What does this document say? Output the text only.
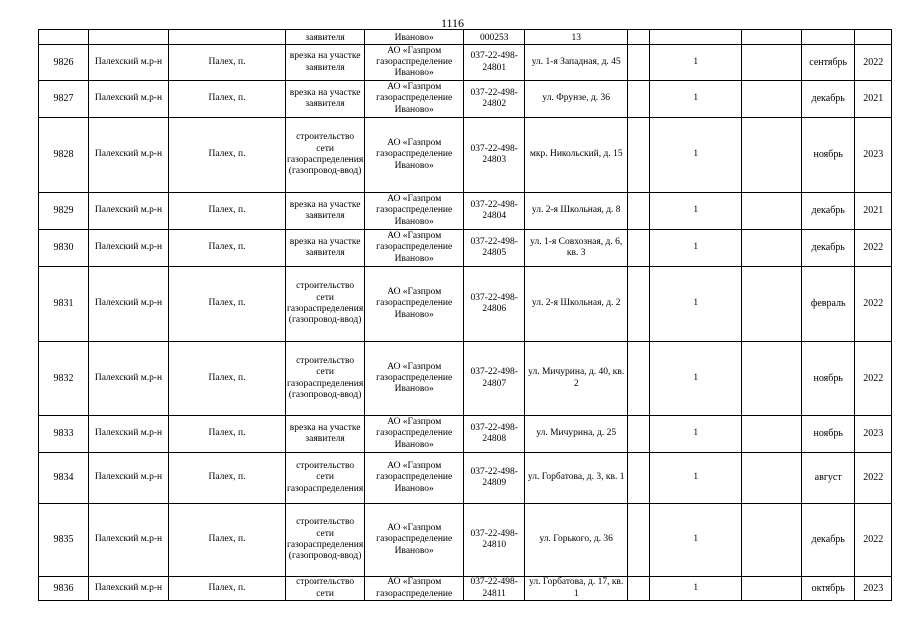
1116
			заявителя	Иваново»	000253	13					
9826	Палехский м.р-н	Палех, п.	врезка на участке заявителя	АО «Газпром газораспределение Иваново»	037-22-498-24801	ул. 1-я Западная, д. 45		1		сентябрь	2022
9827	Палехский м.р-н	Палех, п.	врезка на участке заявителя	АО «Газпром газораспределение Иваново»	037-22-498-24802	ул. Фрунзе, д. 36		1		декабрь	2021
9828	Палехский м.р-н	Палех, п.	строительство сети газораспределения (газопровод-ввод)	АО «Газпром газораспределение Иваново»	037-22-498-24803	мкр. Никольский, д. 15		1		ноябрь	2023
9829	Палехский м.р-н	Палех, п.	врезка на участке заявителя	АО «Газпром газораспределение Иваново»	037-22-498-24804	ул. 2-я Школьная, д. 8		1		декабрь	2021
9830	Палехский м.р-н	Палех, п.	врезка на участке заявителя	АО «Газпром газораспределение Иваново»	037-22-498-24805	ул. 1-я Совхозная, д. 6, кв. 3		1		декабрь	2022
9831	Палехский м.р-н	Палех, п.	строительство сети газораспределения (газопровод-ввод)	АО «Газпром газораспределение Иваново»	037-22-498-24806	ул. 2-я Школьная, д. 2		1		февраль	2022
9832	Палехский м.р-н	Палех, п.	строительство сети газораспределения (газопровод-ввод)	АО «Газпром газораспределение Иваново»	037-22-498-24807	ул. Мичурина, д. 40, кв. 2		1		ноябрь	2022
9833	Палехский м.р-н	Палех, п.	врезка на участке заявителя	АО «Газпром газораспределение Иваново»	037-22-498-24808	ул. Мичурина, д. 25		1		ноябрь	2023
9834	Палехский м.р-н	Палех, п.	строительство сети газораспределения	АО «Газпром газораспределение Иваново»	037-22-498-24809	ул. Горбатова, д. 3, кв. 1		1		август	2022
9835	Палехский м.р-н	Палех, п.	строительство сети газораспределения (газопровод-ввод)	АО «Газпром газораспределение Иваново»	037-22-498-24810	ул. Горького, д. 36		1		декабрь	2022
9836	Палехский м.р-н	Палех, п.	строительство сети	АО «Газпром газораспределение	037-22-498-24811	ул. Горбатова, д. 17, кв. 1		1		октябрь	2023
